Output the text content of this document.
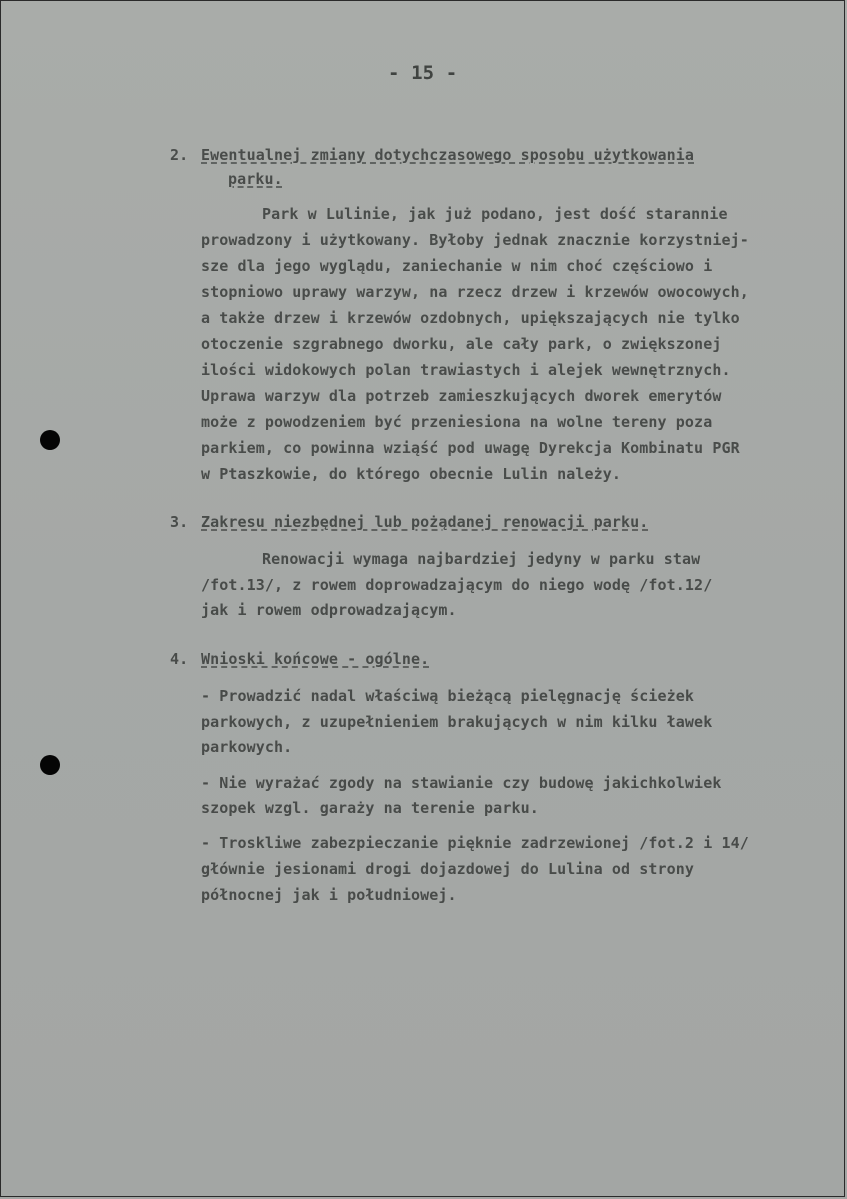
- 15 -
2. Ewentualnej zmiany dotychczasowego sposobu użytkowania
parku.
Park w Lulinie, jak już podano, jest dość starannie
prowadzony i użytkowany. Byłoby jednak znacznie korzystniej-
sze dla jego wyglądu, zaniechanie w nim choć częściowo i
stopniowo uprawy warzyw, na rzecz drzew i krzewów owocowych,
a także drzew i krzewów ozdobnych, upiększających nie tylko
otoczenie szgrabnego dworku, ale cały park, o zwiększonej
ilości widokowych polan trawiastych i alejek wewnętrznych.
Uprawa warzyw dla potrzeb zamieszkujących dworek emerytów
może z powodzeniem być przeniesiona na wolne tereny poza
parkiem, co powinna wziąść pod uwagę Dyrekcja Kombinatu PGR
w Ptaszkowie, do którego obecnie Lulin należy.
3. Zakresu niezbędnej lub pożądanej renowacji parku.
Renowacji wymaga najbardziej jedyny w parku staw
/fot.13/, z rowem doprowadzającym do niego wodę /fot.12/
jak i rowem odprowadzającym.
4. Wnioski końcowe - ogólne.
- Prowadzić nadal właściwą bieżącą pielęgnację ścieżek
parkowych, z uzupełnieniem brakujących w nim kilku ławek
parkowych.
- Nie wyrażać zgody na stawianie czy budowę jakichkolwiek
szopek wzgl. garaży na terenie parku.
- Troskliwe zabezpieczanie pięknie zadrzewionej /fot.2 i 14/
głównie jesionami drogi dojazdowej do Lulina od strony
północnej jak i południowej.
